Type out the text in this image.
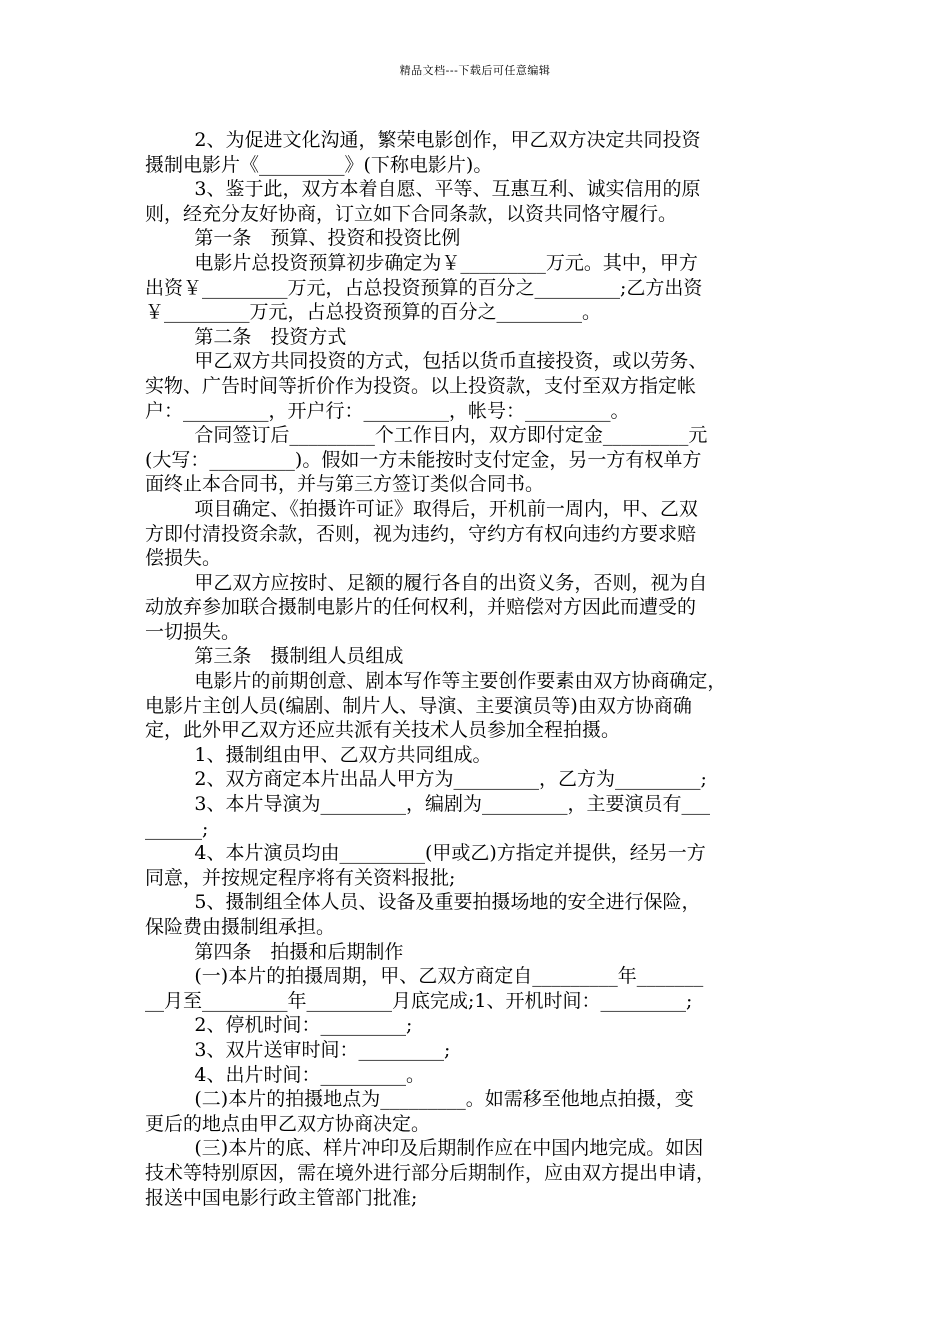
精品文档---下载后可任意编辑
2、为促进文化沟通，繁荣电影创作，甲乙双方决定共同投资
摄制电影片《_________》(下称电影片)。
3、鉴于此，双方本着自愿、平等、互惠互利、诚实信用的原
则，经充分友好协商，订立如下合同条款，以资共同恪守履行。
第一条　预算、投资和投资比例
电影片总投资预算初步确定为￥_________万元。其中，甲方
出资￥_________万元，占总投资预算的百分之_________;乙方出资
￥_________万元，占总投资预算的百分之_________。
第二条　投资方式
甲乙双方共同投资的方式，包括以货币直接投资，或以劳务、
实物、广告时间等折价作为投资。以上投资款，支付至双方指定帐
户：_________，开户行：_________，帐号：_________。
合同签订后_________个工作日内，双方即付定金_________元
(大写：_________)。假如一方未能按时支付定金，另一方有权单方
面终止本合同书，并与第三方签订类似合同书。
项目确定、《拍摄许可证》取得后，开机前一周内，甲、乙双
方即付清投资余款，否则，视为违约，守约方有权向违约方要求赔
偿损失。
甲乙双方应按时、足额的履行各自的出资义务，否则，视为自
动放弃参加联合摄制电影片的任何权利，并赔偿对方因此而遭受的
一切损失。
第三条　摄制组人员组成
电影片的前期创意、剧本写作等主要创作要素由双方协商确定，
电影片主创人员(编剧、制片人、导演、主要演员等)由双方协商确
定，此外甲乙双方还应共派有关技术人员参加全程拍摄。
1、摄制组由甲、乙双方共同组成。
2、双方商定本片出品人甲方为_________，乙方为_________;
3、本片导演为_________，编剧为_________，主要演员有___
______;
4、本片演员均由_________(甲或乙)方指定并提供，经另一方
同意，并按规定程序将有关资料报批;
5、摄制组全体人员、设备及重要拍摄场地的安全进行保险，
保险费由摄制组承担。
第四条　拍摄和后期制作
(一)本片的拍摄周期，甲、乙双方商定自_________年_______
__月至_________年_________月底完成;1、开机时间：_________;
2、停机时间：_________;
3、双片送审时间：_________;
4、出片时间：_________。
(二)本片的拍摄地点为_________。如需移至他地点拍摄，变
更后的地点由甲乙双方协商决定。
(三)本片的底、样片冲印及后期制作应在中国内地完成。如因
技术等特别原因，需在境外进行部分后期制作，应由双方提出申请，
报送中国电影行政主管部门批准;
